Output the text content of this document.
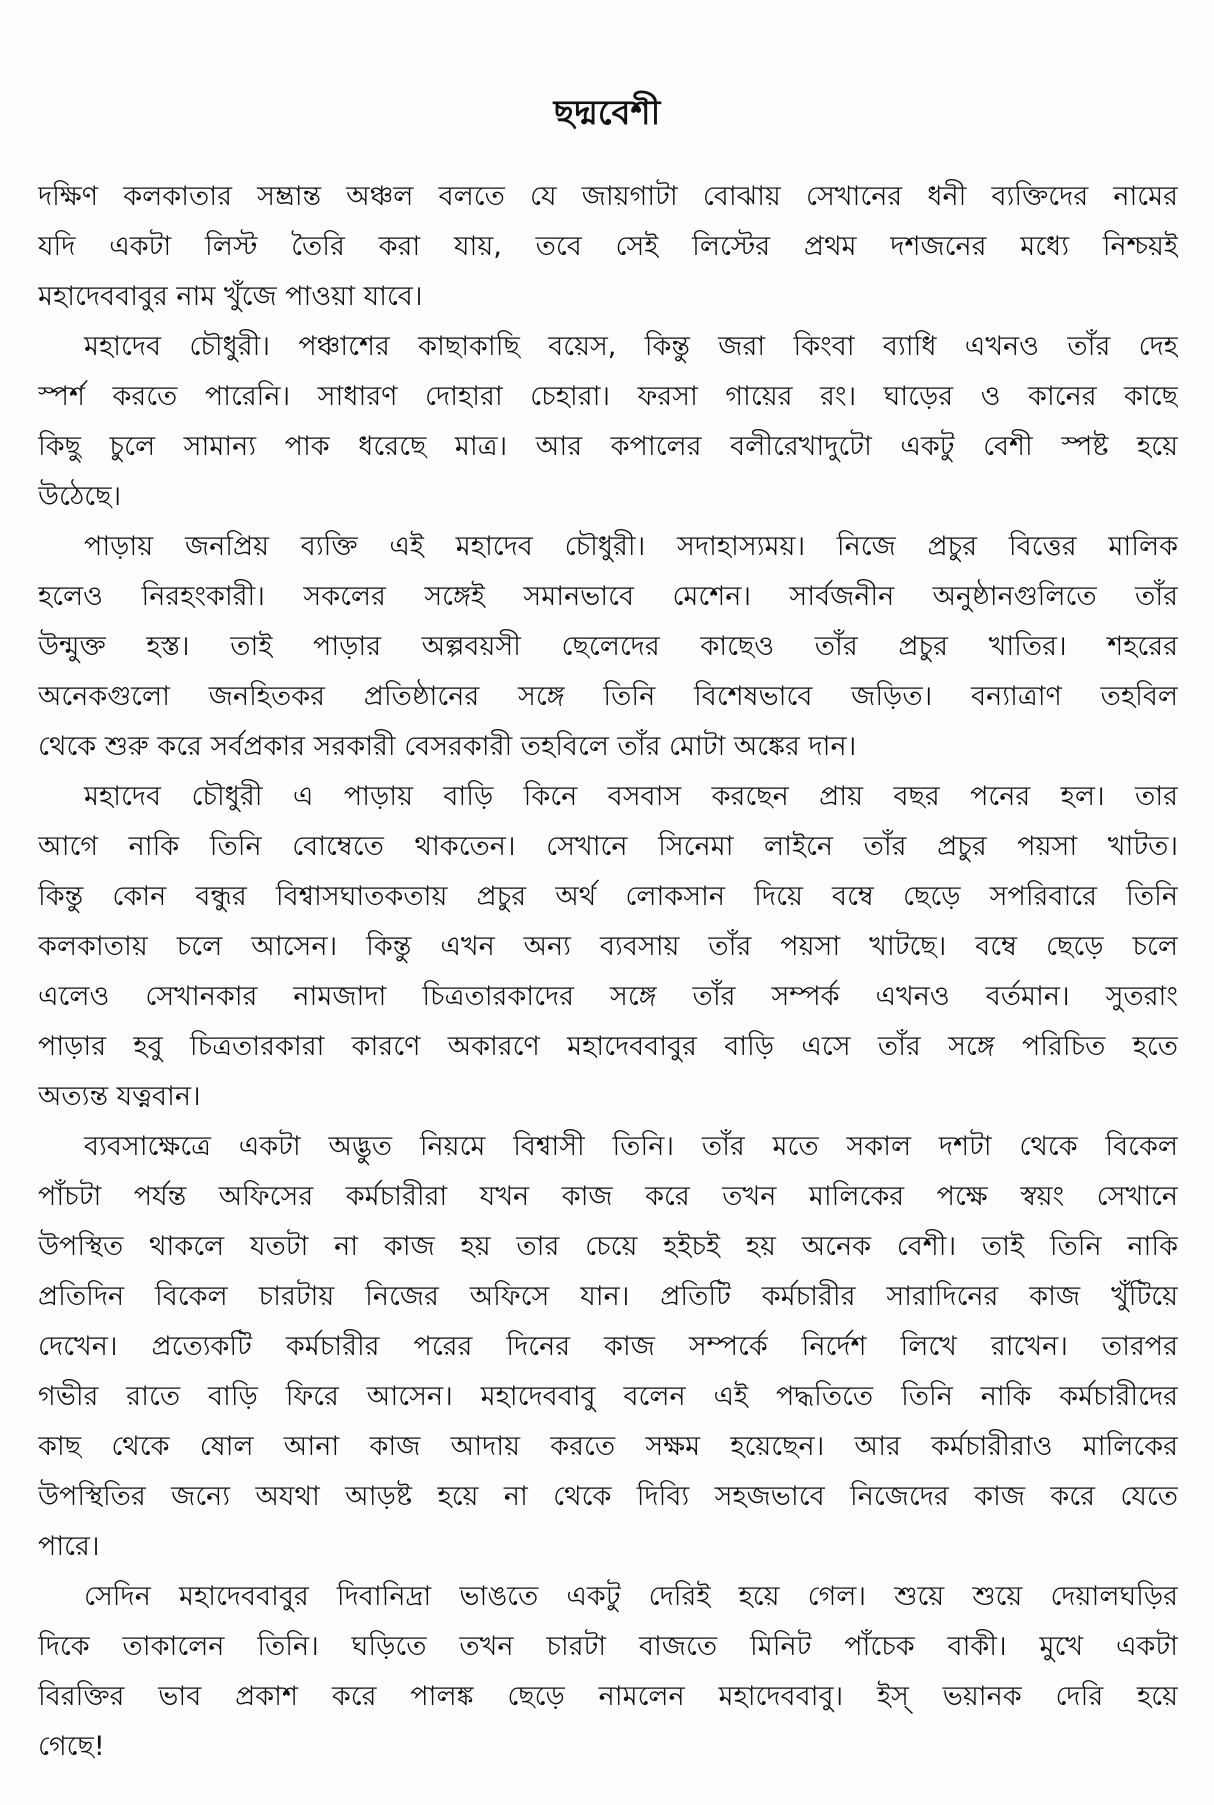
ছদ্মবেশী
দক্ষিণ কলকাতার সম্ভ্রান্ত অঞ্চল বলতে যে জায়গাটা বোঝায় সেখানের ধনী ব্যক্তিদের নামের
যদি একটা লিস্ট তৈরি করা যায়, তবে সেই লিস্টের প্রথম দশজনের মধ্যে নিশ্চয়ই
মহাদেববাবুর নাম খুঁজে পাওয়া যাবে।
মহাদেব চৌধুরী। পঞ্চাশের কাছাকাছি বয়েস, কিন্তু জরা কিংবা ব্যাধি এখনও তাঁর দেহ
স্পর্শ করতে পারেনি। সাধারণ দোহারা চেহারা। ফরসা গায়ের রং। ঘাড়ের ও কানের কাছে
কিছু চুলে সামান্য পাক ধরেছে মাত্র। আর কপালের বলীরেখাদুটো একটু বেশী স্পষ্ট হয়ে
উঠেছে।
পাড়ায় জনপ্রিয় ব্যক্তি এই মহাদেব চৌধুরী। সদাহাস্যময়। নিজে প্রচুর বিত্তের মালিক
হলেও নিরহংকারী। সকলের সঙ্গেই সমানভাবে মেশেন। সার্বজনীন অনুষ্ঠানগুলিতে তাঁর
উন্মুক্ত হস্ত। তাই পাড়ার অল্পবয়সী ছেলেদের কাছেও তাঁর প্রচুর খাতির। শহরের
অনেকগুলো জনহিতকর প্রতিষ্ঠানের সঙ্গে তিনি বিশেষভাবে জড়িত। বন্যাত্রাণ তহবিল
থেকে শুরু করে সর্বপ্রকার সরকারী বেসরকারী তহবিলে তাঁর মোটা অঙ্কের দান।
মহাদেব চৌধুরী এ পাড়ায় বাড়ি কিনে বসবাস করছেন প্রায় বছর পনের হল। তার
আগে নাকি তিনি বোম্বেতে থাকতেন। সেখানে সিনেমা লাইনে তাঁর প্রচুর পয়সা খাটত।
কিন্তু কোন বন্ধুর বিশ্বাসঘাতকতায় প্রচুর অর্থ লোকসান দিয়ে বম্বে ছেড়ে সপরিবারে তিনি
কলকাতায় চলে আসেন। কিন্তু এখন অন্য ব্যবসায় তাঁর পয়সা খাটছে। বম্বে ছেড়ে চলে
এলেও সেখানকার নামজাদা চিত্রতারকাদের সঙ্গে তাঁর সম্পর্ক এখনও বর্তমান। সুতরাং
পাড়ার হবু চিত্রতারকারা কারণে অকারণে মহাদেববাবুর বাড়ি এসে তাঁর সঙ্গে পরিচিত হতে
অত্যন্ত যত্নবান।
ব্যবসাক্ষেত্রে একটা অদ্ভুত নিয়মে বিশ্বাসী তিনি। তাঁর মতে সকাল দশটা থেকে বিকেল
পাঁচটা পর্যন্ত অফিসের কর্মচারীরা যখন কাজ করে তখন মালিকের পক্ষে স্বয়ং সেখানে
উপস্থিত থাকলে যতটা না কাজ হয় তার চেয়ে হইচই হয় অনেক বেশী। তাই তিনি নাকি
প্রতিদিন বিকেল চারটায় নিজের অফিসে যান। প্রতিটি কর্মচারীর সারাদিনের কাজ খুঁটিয়ে
দেখেন। প্রত্যেকটি কর্মচারীর পরের দিনের কাজ সম্পর্কে নির্দেশ লিখে রাখেন। তারপর
গভীর রাতে বাড়ি ফিরে আসেন। মহাদেববাবু বলেন এই পদ্ধতিতে তিনি নাকি কর্মচারীদের
কাছ থেকে ষোল আনা কাজ আদায় করতে সক্ষম হয়েছেন। আর কর্মচারীরাও মালিকের
উপস্থিতির জন্যে অযথা আড়ষ্ট হয়ে না থেকে দিব্যি সহজভাবে নিজেদের কাজ করে যেতে
পারে।
সেদিন মহাদেববাবুর দিবানিদ্রা ভাঙতে একটু দেরিই হয়ে গেল। শুয়ে শুয়ে দেয়ালঘড়ির
দিকে তাকালেন তিনি। ঘড়িতে তখন চারটা বাজতে মিনিট পাঁচেক বাকী। মুখে একটা
বিরক্তির ভাব প্রকাশ করে পালঙ্ক ছেড়ে নামলেন মহাদেববাবু। ইস্‌ ভয়ানক দেরি হয়ে
গেছে!
